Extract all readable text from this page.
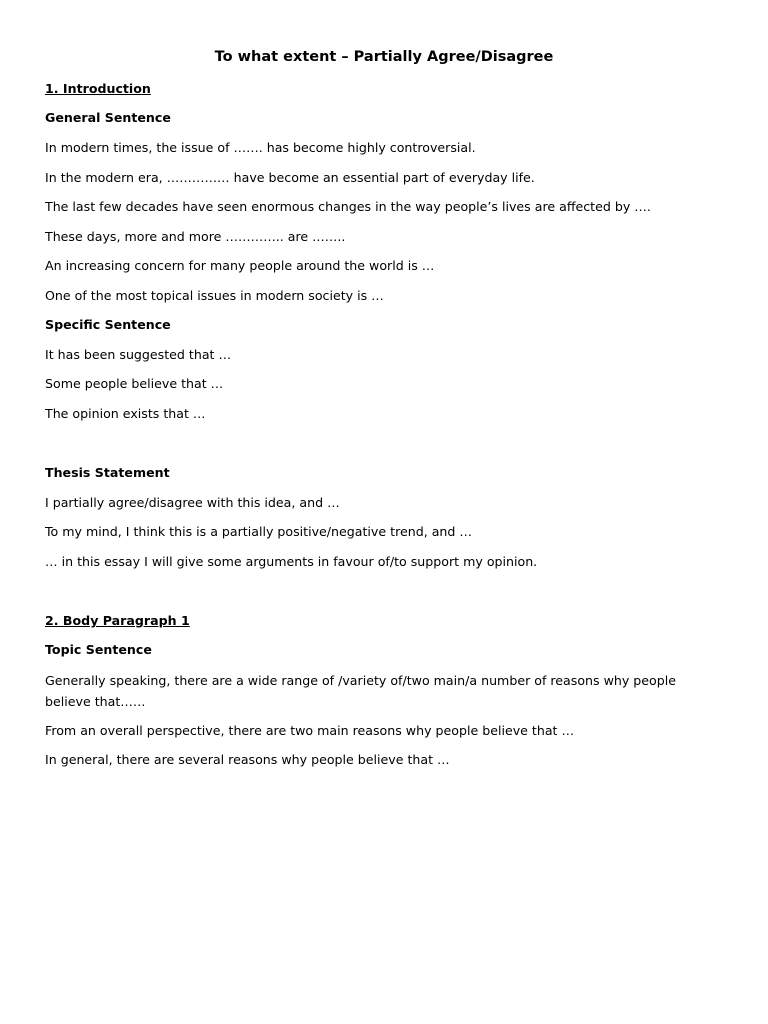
To what extent – Partially Agree/Disagree
1. Introduction
General Sentence
In modern times, the issue of ……. has become highly controversial.
In the modern era, …………… have become an essential part of everyday life.
The last few decades have seen enormous changes in the way people’s lives are affected by ….
These days, more and more ………….. are ……..
An increasing concern for many people around the world is …
One of the most topical issues in modern society is …
Specific Sentence
It has been suggested that …
Some people believe that …
The opinion exists that …
Thesis Statement
I partially agree/disagree with this idea, and …
To my mind, I think this is a partially positive/negative trend, and …
… in this essay I will give some arguments in favour of/to support my opinion.
2. Body Paragraph 1
Topic Sentence
Generally speaking, there are a wide range of /variety of/two main/a number of reasons why people believe that……
From an overall perspective, there are two main reasons why people believe that …
In general, there are several reasons why people believe that …
